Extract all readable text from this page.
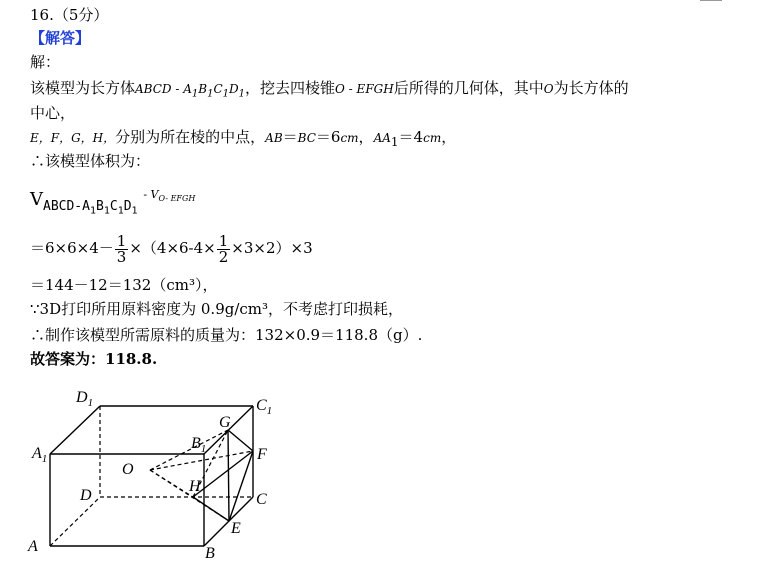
16.（5分）
【解答】
解：
该模型为长方体ABCD - $A_1B_1C_1D_1$，挖去四棱锥O - EFGH后所得的几何体，其中O为长方体的
中心，
E，F，G，H，分别为所在棱的中点，AB＝BC＝6cm，$AA_1=4cm$，
∴该模型体积为：
$V_{ABCD-A_1B_1C_1D_1}$ $^{- V_{O- EFGH}}$
$=6\times 6\times 4- \frac{1}{3} \times(4\times 6-4\times \frac{1}{2} \times 3\times 2)\times 3$
＝144－12＝132（cm³），
∵3D打印所用原料密度为 0.9g/cm³，不考虑打印损耗，
∴制作该模型所需原料的质量为：132×0.9＝118.8（g）.
故答案为：118.8.
A	B
C
D
$A_1$
$B_1$
$C_1$
$D_1$
O
E
F
G
H
